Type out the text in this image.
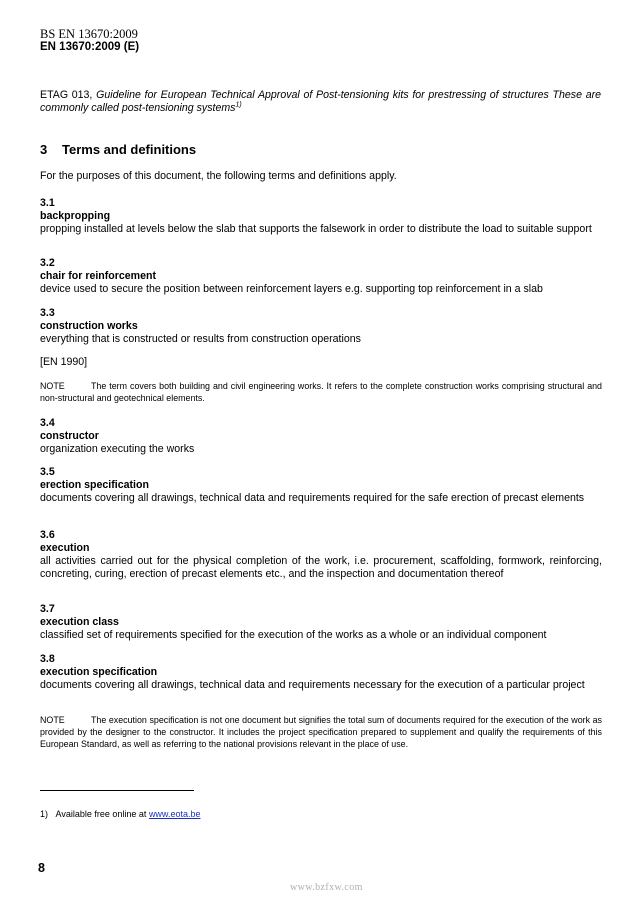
BS EN 13670:2009
EN 13670:2009 (E)
ETAG 013, Guideline for European Technical Approval of Post-tensioning kits for prestressing of structures These are commonly called post-tensioning systems$^{1)}$
3 Terms and definitions
For the purposes of this document, the following terms and definitions apply.
3.1
backpropping
propping installed at levels below the slab that supports the falsework in order to distribute the load to suitable support
3.2
chair for reinforcement
device used to secure the position between reinforcement layers e.g. supporting top reinforcement in a slab
3.3
construction works
everything that is constructed or results from construction operations
[EN 1990]
NOTE	The term covers both building and civil engineering works. It refers to the complete construction works comprising structural and non-structural and geotechnical elements.
3.4
constructor
organization executing the works
3.5
erection specification
documents covering all drawings, technical data and requirements required for the safe erection of precast elements
3.6
execution
all activities carried out for the physical completion of the work, i.e. procurement, scaffolding, formwork, reinforcing, concreting, curing, erection of precast elements etc., and the inspection and documentation thereof
3.7
execution class
classified set of requirements specified for the execution of the works as a whole or an individual component
3.8
execution specification
documents covering all drawings, technical data and requirements necessary for the execution of a particular project
NOTE	The execution specification is not one document but signifies the total sum of documents required for the execution of the work as provided by the designer to the constructor. It includes the project specification prepared to supplement and qualify the requirements of this European Standard, as well as referring to the national provisions relevant in the place of use.
1) Available free online at www.eota.be
8
www.bzfxw.com
